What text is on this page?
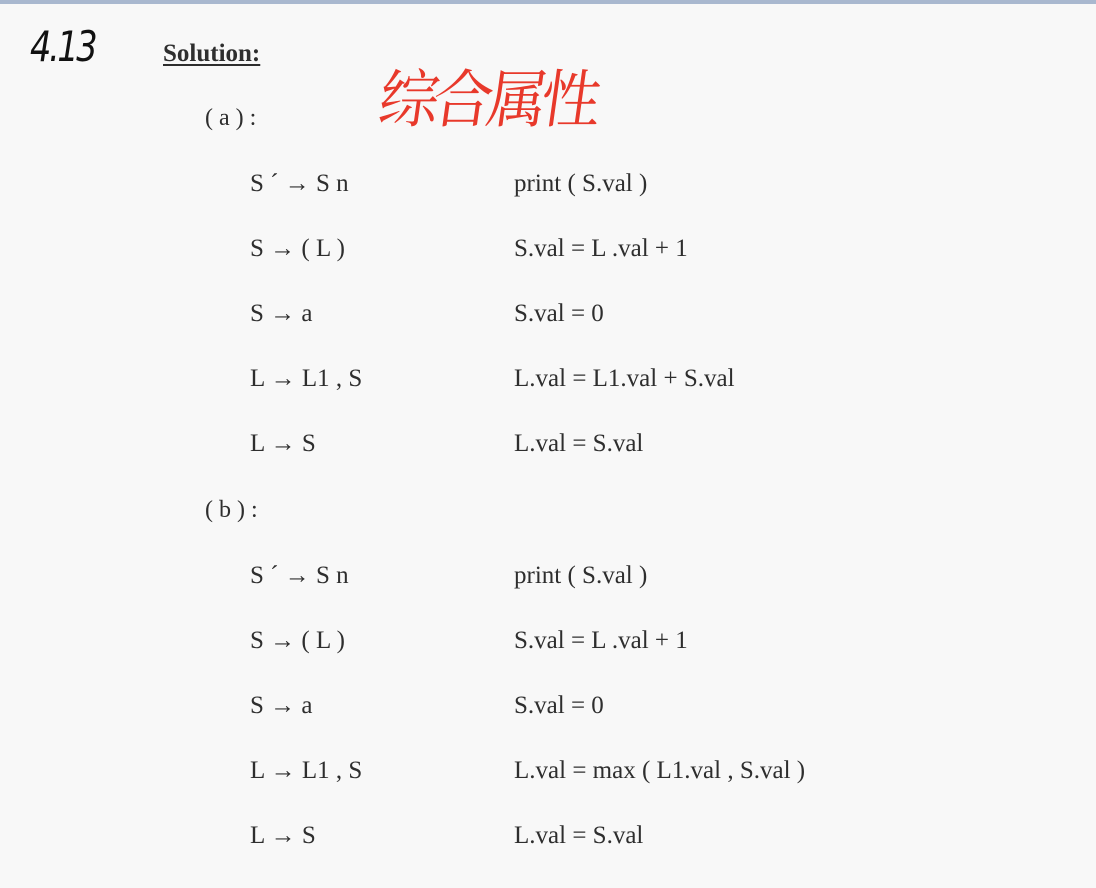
4.13
综合属性
Solution:
( a ) :
S ´ → S n	print ( S.val )
S → ( L )	S.val = L .val + 1
S → a	S.val = 0
L → L1 , S	L.val = L1.val + S.val
L → S	L.val = S.val
( b ) :
S ´ → S n	print ( S.val )
S → ( L )	S.val = L .val + 1
S → a	S.val = 0
L → L1 , S	L.val = max ( L1.val , S.val )
L → S	L.val = S.val
